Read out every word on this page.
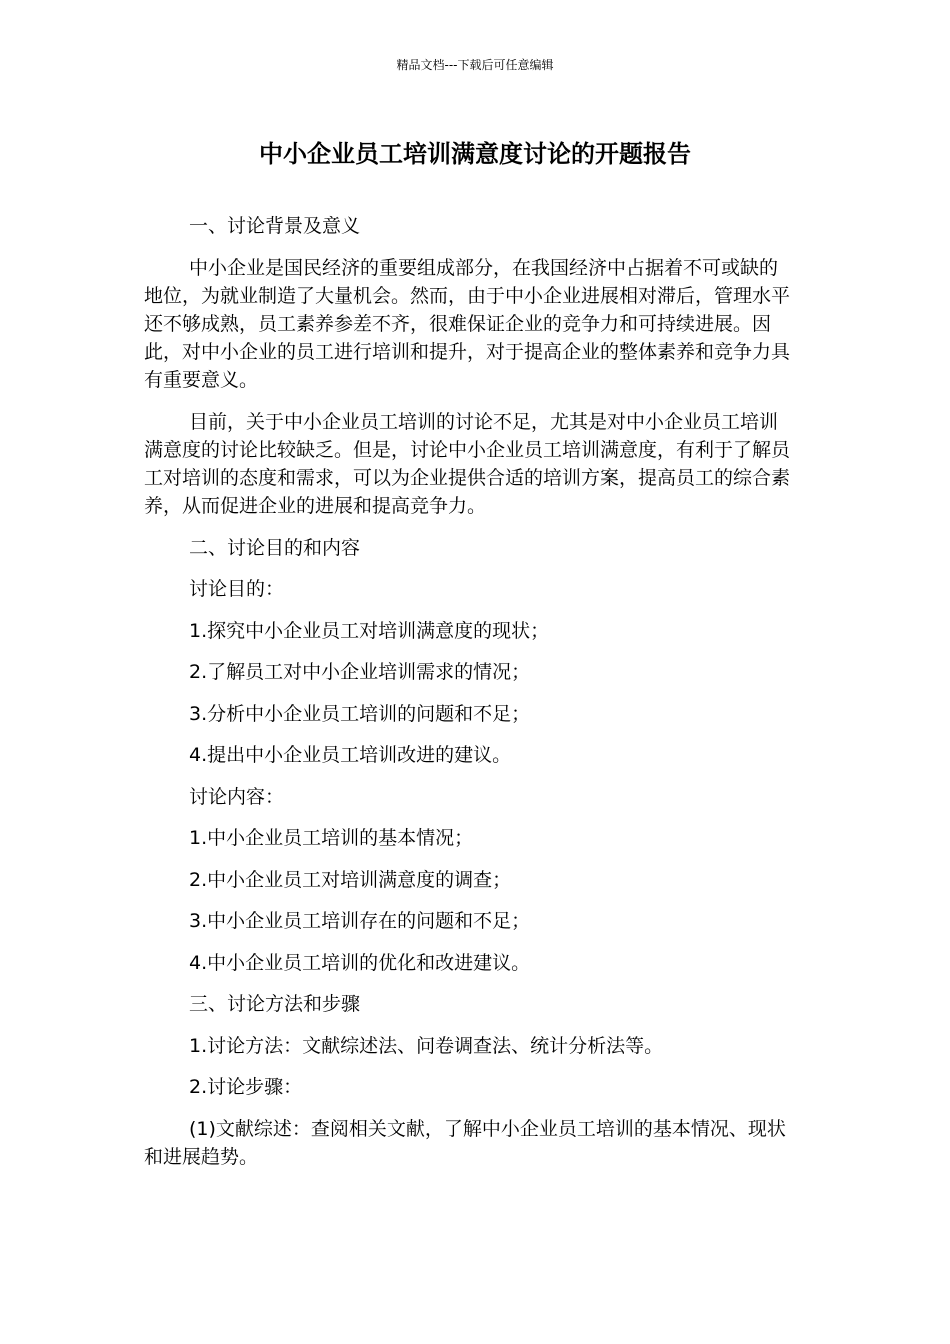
精品文档---下载后可任意编辑
中小企业员工培训满意度讨论的开题报告

一、讨论背景及意义

中小企业是国民经济的重要组成部分，在我国经济中占据着不可或缺的地位，为就业制造了大量机会。然而，由于中小企业进展相对滞后，管理水平还不够成熟，员工素养参差不齐，很难保证企业的竞争力和可持续进展。因此，对中小企业的员工进行培训和提升，对于提高企业的整体素养和竞争力具有重要意义。

目前，关于中小企业员工培训的讨论不足，尤其是对中小企业员工培训满意度的讨论比较缺乏。但是，讨论中小企业员工培训满意度，有利于了解员工对培训的态度和需求，可以为企业提供合适的培训方案，提高员工的综合素养，从而促进企业的进展和提高竞争力。

二、讨论目的和内容

讨论目的：

1.探究中小企业员工对培训满意度的现状；

2.了解员工对中小企业培训需求的情况；

3.分析中小企业员工培训的问题和不足；

4.提出中小企业员工培训改进的建议。

讨论内容：

1.中小企业员工培训的基本情况；

2.中小企业员工对培训满意度的调查；

3.中小企业员工培训存在的问题和不足；

4.中小企业员工培训的优化和改进建议。

三、讨论方法和步骤

1.讨论方法：文献综述法、问卷调查法、统计分析法等。

2.讨论步骤：

(1)文献综述：查阅相关文献，了解中小企业员工培训的基本情况、现状和进展趋势。
